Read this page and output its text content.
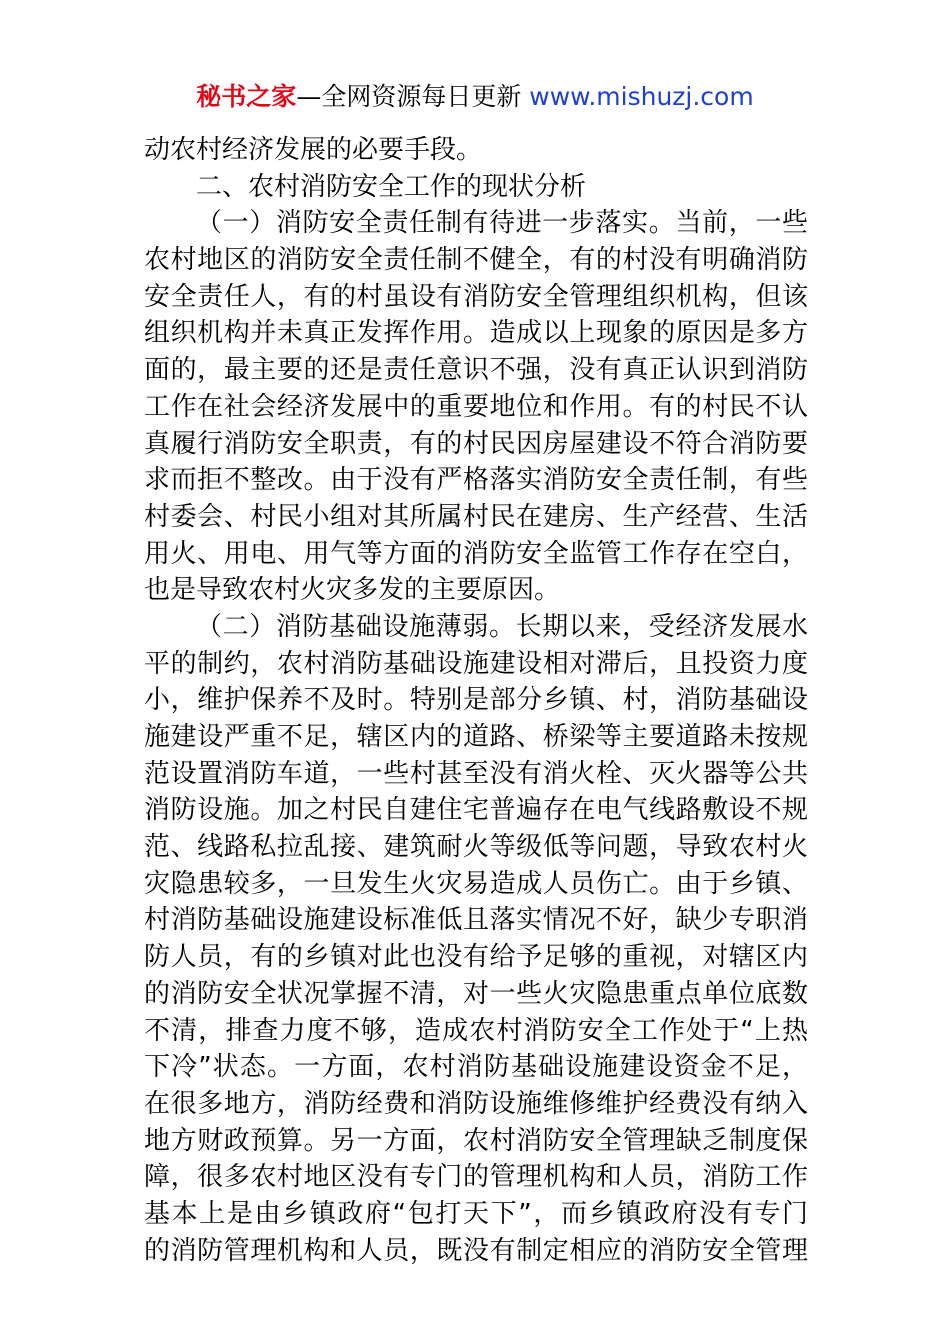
秘书之家—全网资源每日更新 www.mishuzj.com
动农村经济发展的必要手段。
二、农村消防安全工作的现状分析
（一）消防安全责任制有待进一步落实。当前，一些
农村地区的消防安全责任制不健全，有的村没有明确消防
安全责任人，有的村虽设有消防安全管理组织机构，但该
组织机构并未真正发挥作用。造成以上现象的原因是多方
面的，最主要的还是责任意识不强，没有真正认识到消防
工作在社会经济发展中的重要地位和作用。有的村民不认
真履行消防安全职责，有的村民因房屋建设不符合消防要
求而拒不整改。由于没有严格落实消防安全责任制，有些
村委会、村民小组对其所属村民在建房、生产经营、生活
用火、用电、用气等方面的消防安全监管工作存在空白，
也是导致农村火灾多发的主要原因。
（二）消防基础设施薄弱。长期以来，受经济发展水
平的制约，农村消防基础设施建设相对滞后，且投资力度
小，维护保养不及时。特别是部分乡镇、村，消防基础设
施建设严重不足，辖区内的道路、桥梁等主要道路未按规
范设置消防车道，一些村甚至没有消火栓、灭火器等公共
消防设施。加之村民自建住宅普遍存在电气线路敷设不规
范、线路私拉乱接、建筑耐火等级低等问题，导致农村火
灾隐患较多，一旦发生火灾易造成人员伤亡。由于乡镇、
村消防基础设施建设标准低且落实情况不好，缺少专职消
防人员，有的乡镇对此也没有给予足够的重视，对辖区内
的消防安全状况掌握不清，对一些火灾隐患重点单位底数
不清，排查力度不够，造成农村消防安全工作处于“上热
下冷”状态。一方面，农村消防基础设施建设资金不足，
在很多地方，消防经费和消防设施维修维护经费没有纳入
地方财政预算。另一方面，农村消防安全管理缺乏制度保
障，很多农村地区没有专门的管理机构和人员，消防工作
基本上是由乡镇政府“包打天下”，而乡镇政府没有专门
的消防管理机构和人员，既没有制定相应的消防安全管理
